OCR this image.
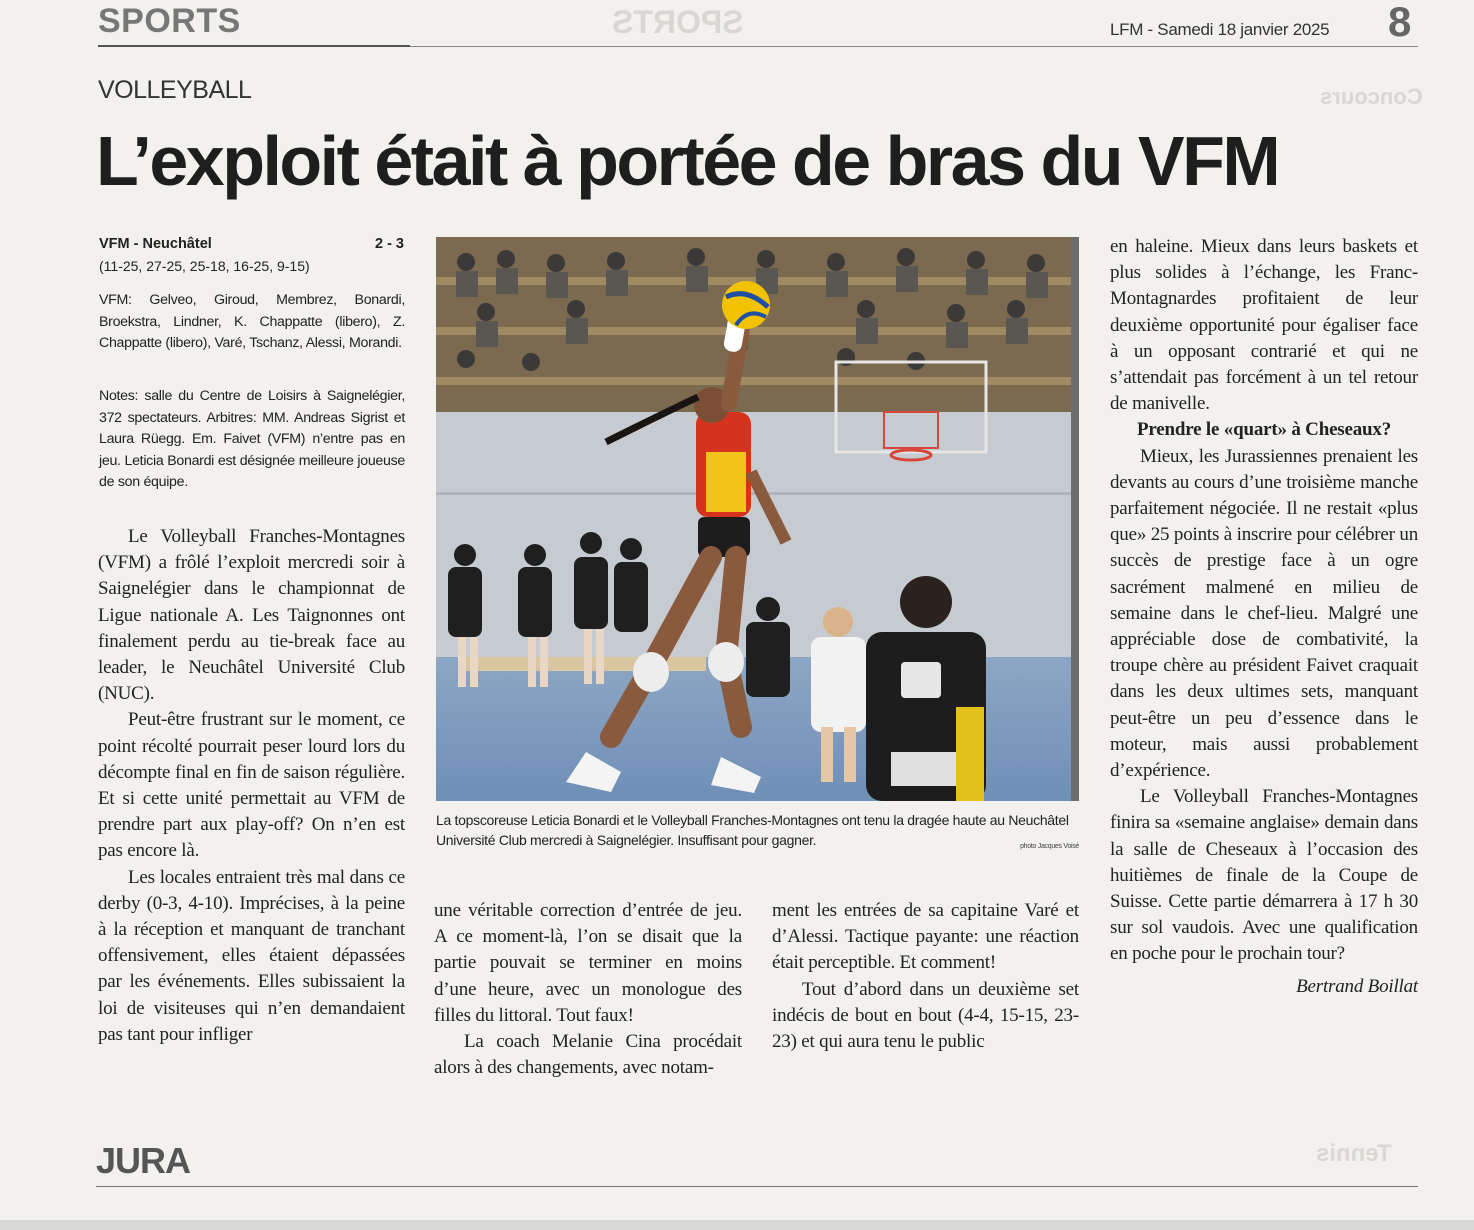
SPORTS
Concours
Tennis
SPORTS	LFM - Samedi 18 janvier 2025 8
VOLLEYBALL
L’exploit était à portée de bras du VFM
VFM - Neuchâtel	2 - 3
(11-25, 27-25, 25-18, 16-25, 9-15)
VFM: Gelveo, Giroud, Membrez, Bonardi, Broekstra, Lindner, K. Chappatte (libero), Z. Chappatte (libero), Varé, Tschanz, Alessi, Morandi.
Notes: salle du Centre de Loisirs à Saignelégier, 372 spectateurs. Arbitres: MM. Andreas Sigrist et Laura Rüegg. Em. Faivet (VFM) n’entre pas en jeu. Leticia Bonardi est désignée meilleure joueuse de son équipe.

Le Volleyball Franches-Montagnes (VFM) a frôlé l’exploit mercredi soir à Saignelégier dans le championnat de Ligue nationale A. Les Taignonnes ont finalement perdu au tie-break face au leader, le Neuchâtel Université Club (NUC).

Peut-être frustrant sur le moment, ce point récolté pourrait peser lourd lors du décompte final en fin de saison régulière. Et si cette unité permettait au VFM de prendre part aux play-off? On n’en est pas encore là.

Les locales entraient très mal dans ce derby (0-3, 4-10). Imprécises, à la peine à la réception et manquant de tranchant offensivement, elles étaient dépassées par les événements. Elles subissaient la loi de visiteuses qui n’en demandaient pas tant pour infliger

La topscoreuse Leticia Bonardi et le Volleyball Franches-Montagnes ont tenu la dragée haute au Neuchâtel Université Club mercredi à Saignelégier. Insuffisant pour gagner.	photo Jacques Voisé

une véritable correction d’entrée de jeu. A ce moment-là, l’on se disait que la partie pouvait se terminer en moins d’une heure, avec un monologue des filles du littoral. Tout faux!

La coach Melanie Cina procédait alors à des changements, avec notam-

ment les entrées de sa capitaine Varé et d’Alessi. Tactique payante: une réaction était perceptible. Et comment!

Tout d’abord dans un deuxième set indécis de bout en bout (4-4, 15-15, 23-23) et qui aura tenu le public

en haleine. Mieux dans leurs baskets et plus solides à l’échange, les Franc-Montagnardes profitaient de leur deuxième opportunité pour égaliser face à un opposant contrarié et qui ne s’attendait pas forcément à un tel retour de manivelle.

Prendre le «quart» à Cheseaux?

Mieux, les Jurassiennes prenaient les devants au cours d’une troisième manche parfaitement négociée. Il ne restait «plus que» 25 points à inscrire pour célébrer un succès de prestige face à un ogre sacrément malmené en milieu de semaine dans le chef-lieu. Malgré une appréciable dose de combativité, la troupe chère au président Faivet craquait dans les deux ultimes sets, manquant peut-être un peu d’essence dans le moteur, mais aussi probablement d’expérience.

Le Volleyball Franches-Montagnes finira sa «semaine anglaise» demain dans la salle de Cheseaux à l’occasion des huitièmes de finale de la Coupe de Suisse. Cette partie démarrera à 17 h 30 sur sol vaudois. Avec une qualification en poche pour le prochain tour?

Bertrand Boillat

JURA
